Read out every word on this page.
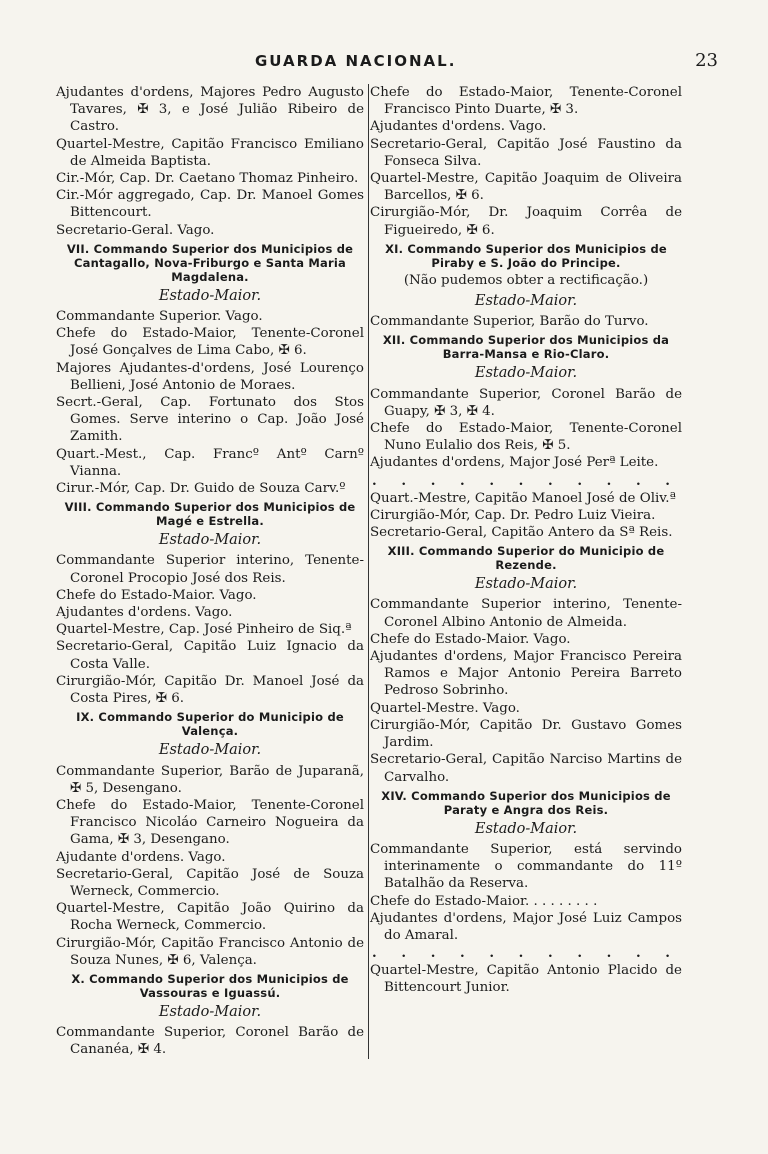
GUARDA NACIONAL.	23

Ajudantes d'ordens, Majores Pedro Augusto Tavares, ✠ 3, e José Julião Ribeiro de Castro.

Quartel-Mestre, Capitão Francisco Emiliano de Almeida Baptista.

Cir.-Mór, Cap. Dr. Caetano Thomaz Pinheiro.

Cir.-Mór aggregado, Cap. Dr. Manoel Gomes Bittencourt.

Secretario-Geral. Vago.

VII. Commando Superior dos Municipios de Cantagallo, Nova-Friburgo e Santa Maria Magdalena.
Estado-Maior.

Commandante Superior. Vago.

Chefe do Estado-Maior, Tenente-Coronel José Gonçalves de Lima Cabo, ✠ 6.

Majores Ajudantes-d'ordens, José Lourenço Bellieni, José Antonio de Moraes.

Secrt.-Geral, Cap. Fortunato dos Stos Gomes. Serve interino o Cap. João José Zamith.

Quart.-Mest., Cap. Francº Antº Carnº Vianna.

Cirur.-Mór, Cap. Dr. Guido de Souza Carv.º

VIII. Commando Superior dos Municipios de Magé e Estrella.
Estado-Maior.

Commandante Superior interino, Tenente-Coronel Procopio José dos Reis.

Chefe do Estado-Maior. Vago.

Ajudantes d'ordens. Vago.

Quartel-Mestre, Cap. José Pinheiro de Siq.ª

Secretario-Geral, Capitão Luiz Ignacio da Costa Valle.

Cirurgião-Mór, Capitão Dr. Manoel José da Costa Pires, ✠ 6.

IX. Commando Superior do Municipio de Valença.
Estado-Maior.

Commandante Superior, Barão de Juparanã, ✠ 5, Desengano.

Chefe do Estado-Maior, Tenente-Coronel Francisco Nicoláo Carneiro Nogueira da Gama, ✠ 3, Desengano.

Ajudante d'ordens. Vago.

Secretario-Geral, Capitão José de Souza Werneck, Commercio.

Quartel-Mestre, Capitão João Quirino da Rocha Werneck, Commercio.

Cirurgião-Mór, Capitão Francisco Antonio de Souza Nunes, ✠ 6, Valença.

X. Commando Superior dos Municipios de Vassouras e Iguassú.
Estado-Maior.

Commandante Superior, Coronel Barão de Cananéa, ✠ 4.

Chefe do Estado-Maior, Tenente-Coronel Francisco Pinto Duarte, ✠ 3.

Ajudantes d'ordens. Vago.

Secretario-Geral, Capitão José Faustino da Fonseca Silva.

Quartel-Mestre, Capitão Joaquim de Oliveira Barcellos, ✠ 6.

Cirurgião-Mór, Dr. Joaquim Corrêa de Figueiredo, ✠ 6.

XI. Commando Superior dos Municipios de Piraby e S. João do Principe.
(Não pudemos obter a rectificação.)
Estado-Maior.

Commandante Superior, Barão do Turvo.

XII. Commando Superior dos Municipios da Barra-Mansa e Rio-Claro.
Estado-Maior.

Commandante Superior, Coronel Barão de Guapy, ✠ 3, ✠ 4.

Chefe do Estado-Maior, Tenente-Coronel Nuno Eulalio dos Reis, ✠ 5.

Ajudantes d'ordens, Major José Perª Leite.

. . . . . . . . . . .

Quart.-Mestre, Capitão Manoel José de Oliv.ª

Cirurgião-Mór, Cap. Dr. Pedro Luiz Vieira.

Secretario-Geral, Capitão Antero da Sª Reis.

XIII. Commando Superior do Municipio de Rezende.
Estado-Maior.

Commandante Superior interino, Tenente-Coronel Albino Antonio de Almeida.

Chefe do Estado-Maior. Vago.

Ajudantes d'ordens, Major Francisco Pereira Ramos e Major Antonio Pereira Barreto Pedroso Sobrinho.

Quartel-Mestre. Vago.

Cirurgião-Mór, Capitão Dr. Gustavo Gomes Jardim.

Secretario-Geral, Capitão Narciso Martins de Carvalho.

XIV. Commando Superior dos Municipios de Paraty e Angra dos Reis.
Estado-Maior.

Commandante Superior, está servindo interinamente o commandante do 11º Batalhão da Reserva.

Chefe do Estado-Maior. . . . . . . . .

Ajudantes d'ordens, Major José Luiz Campos do Amaral.

. . . . . . . . . . .

Quartel-Mestre, Capitão Antonio Placido de Bittencourt Junior.
